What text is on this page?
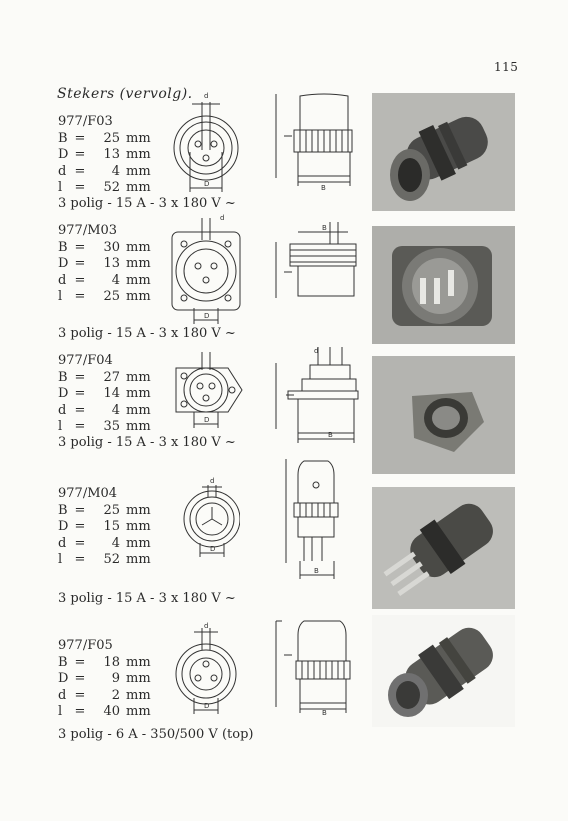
115
Stekers (vervolg).
977/F03
B =	25 mm
D =	13 mm
d =	4 mm
l =	52 mm
3 polig - 15 A - 3 x 180 V ~
d
D	B
977/M03
B =	30 mm
D =	13 mm
d =	4 mm
l =	25 mm
3 polig - 15 A - 3 x 180 V ~
d
D
B
977/F04
B =	27 mm
D =	14 mm
d =	4 mm
l =	35 mm
3 polig - 15 A - 3 x 180 V ~
D
d
B
977/M04
B =	25 mm
D =	15 mm
d =	4 mm
l =	52 mm
3 polig - 15 A - 3 x 180 V ~
d
D
B
977/F05
B =	18 mm
D =	9 mm
d =	2 mm
l =	40 mm
3 polig - 6 A - 350/500 V (top)
d
D
B
